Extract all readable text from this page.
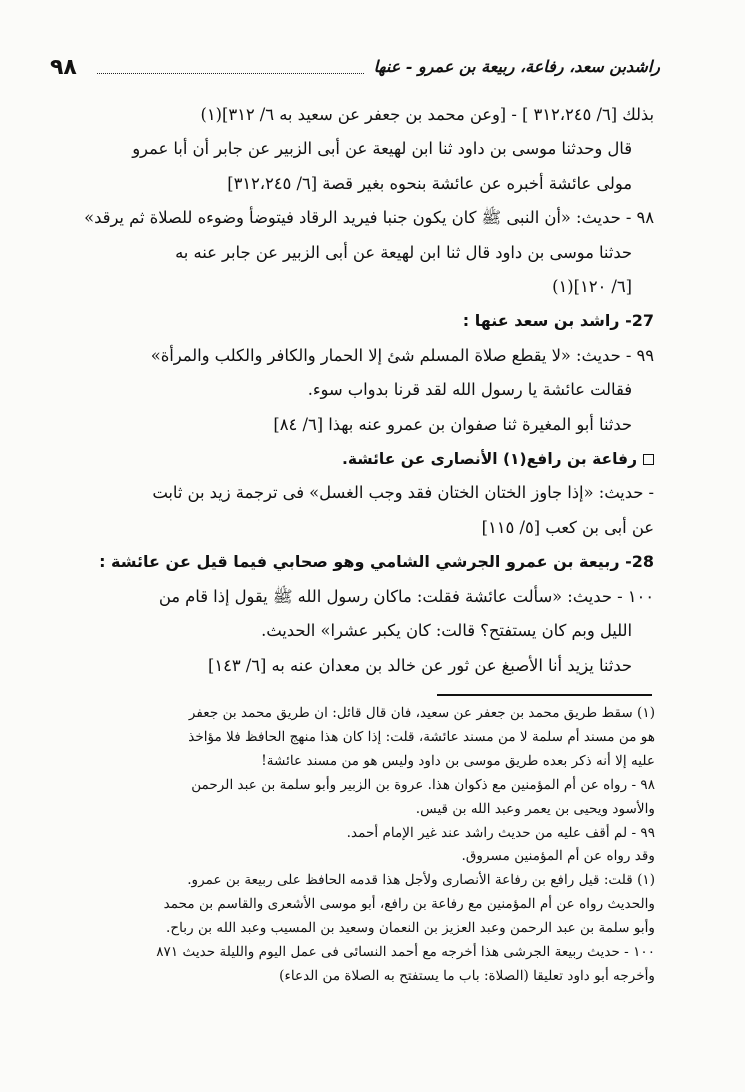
٩٨	راشدبن سعد، رفاعة، ربيعة بن عمرو - عنها

بذلك [٦/ ٣١٢،٢٤٥ ] - [وعن محمد بن جعفر عن سعيد به ٦/ ٣١٢](١)

قال وحدثنا موسى بن داود ثنا ابن لهيعة عن أبى الزبير عن جابر أن أبا عمرو

مولى عائشة أخبره عن عائشة بنحوه بغير قصة [٦/ ٣١٢،٢٤٥]

٩٨ - حديث: «أن النبى ﷺ كان يكون جنبا فيريد الرقاد فيتوضأ وضوءه للصلاة ثم يرقد»

حدثنا موسى بن داود قال ثنا ابن لهيعة عن أبى الزبير عن جابر عنه به

[٦/ ١٢٠](١)

27- راشد بن سعد عنها :

٩٩ - حديث: «لا يقطع صلاة المسلم شئ إلا الحمار والكافر والكلب والمرأة»

فقالت عائشة يا رسول الله لقد قرنا بدواب سوء.

حدثنا أبو المغيرة ثنا صفوان بن عمرو عنه بهذا [٦/ ٨٤]

رفاعة بن رافع(١) الأنصارى عن عائشة.

- حديث: «إذا جاوز الختان الختان فقد وجب الغسل» فى ترجمة زيد بن ثابت

عن أبى بن كعب [٥/ ١١٥]

28- ربيعة بن عمرو الجرشي الشامي وهو صحابي فيما قيل عن عائشة :

١٠٠ - حديث: «سألت عائشة فقلت: ماكان رسول الله ﷺ يقول إذا قام من

الليل وبم كان يستفتح؟ قالت: كان يكبر عشرا» الحديث.

حدثنا يزيد أنا الأصبغ عن ثور عن خالد بن معدان عنه به [٦/ ١٤٣]

(١) سقط طريق محمد بن جعفر عن سعيد، فان قال قائل: ان طريق محمد بن جعفر

هو من مسند أم سلمة لا من مسند عائشة، قلت: إذا كان هذا منهج الحافظ فلا مؤاخذ

عليه إلا أنه ذكر بعده طريق موسى بن داود وليس هو من مسند عائشة!

٩٨ - رواه عن أم المؤمنين مع ذكوان هذا. عروة بن الزبير وأبو سلمة بن عبد الرحمن

والأسود ويحيى بن يعمر وعبد الله بن قيس.

٩٩ - لم أقف عليه من حديث راشد عند غير الإمام أحمد.

وقد رواه عن أم المؤمنين مسروق.

(١) قلت: قيل رافع بن رفاعة الأنصارى ولأجل هذا قدمه الحافظ على ربيعة بن عمرو.

والحديث رواه عن أم المؤمنين مع رفاعة بن رافع، أبو موسى الأشعرى والقاسم بن محمد

وأبو سلمة بن عبد الرحمن وعبد العزيز بن النعمان وسعيد بن المسيب وعبد الله بن رباح.

١٠٠ - حديث ربيعة الجرشى هذا أخرجه مع أحمد النسائى فى عمل اليوم والليلة حديث ٨٧١

وأخرجه أبو داود تعليقا (الصلاة: باب ما يستفتح به الصلاة من الدعاء)
